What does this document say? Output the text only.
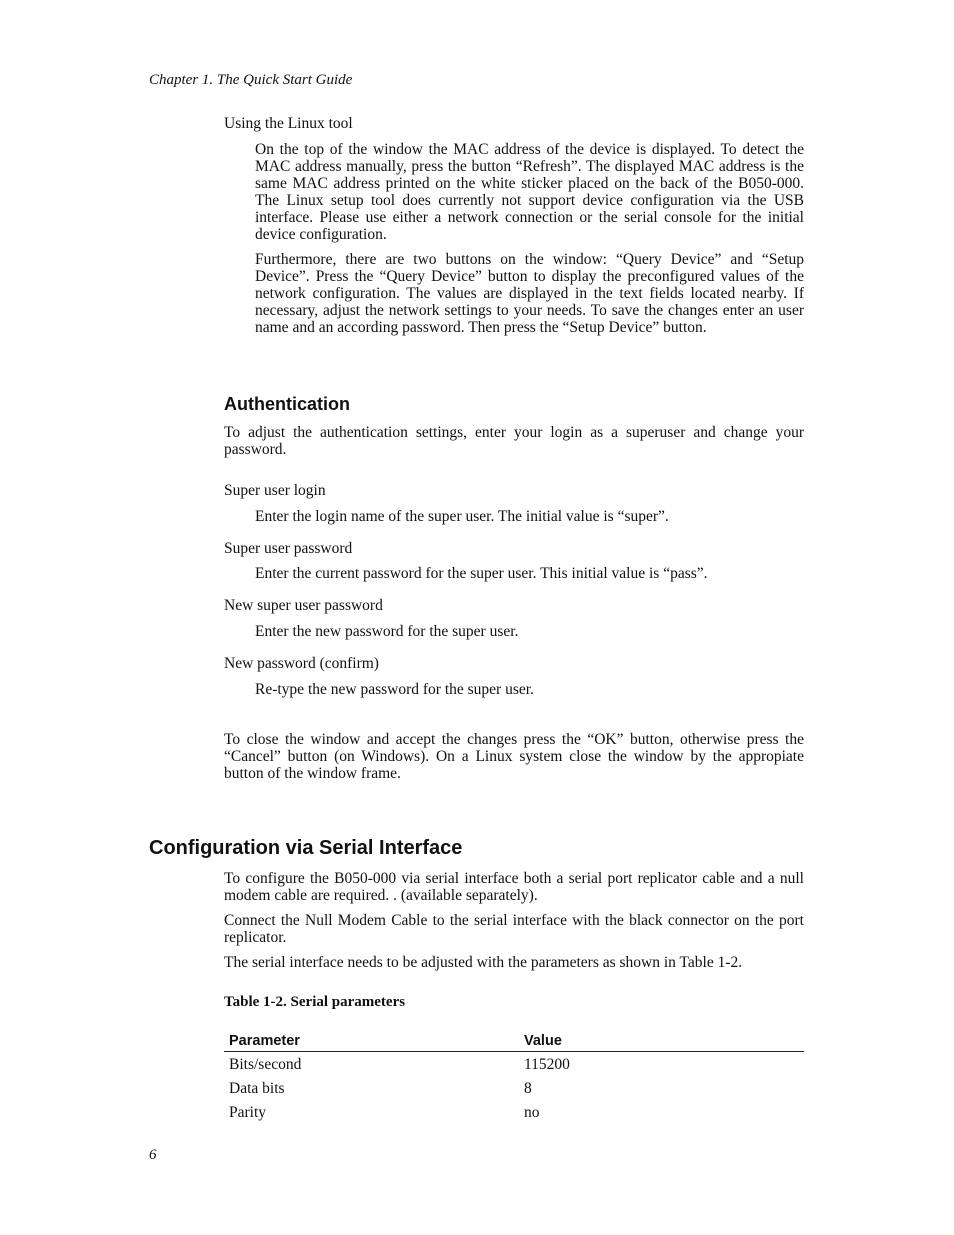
Chapter 1. The Quick Start Guide
Using the Linux tool
On the top of the window the MAC address of the device is displayed. To detect the MAC address manually, press the button “Refresh”. The displayed MAC address is the same MAC address printed on the white sticker placed on the back of the B050-000. The Linux setup tool does currently not support device configuration via the USB interface. Please use either a network connection or the serial console for the initial device configuration.
Furthermore, there are two buttons on the window: “Query Device” and “Setup Device”. Press the “Query Device” button to display the preconfigured values of the network configuration. The values are displayed in the text fields located nearby. If necessary, adjust the network settings to your needs. To save the changes enter an user name and an according password. Then press the “Setup Device” button.
Authentication
To adjust the authentication settings, enter your login as a superuser and change your password.
Super user login
Enter the login name of the super user. The initial value is “super”.
Super user password
Enter the current password for the super user. This initial value is “pass”.
New super user password
Enter the new password for the super user.
New password (confirm)
Re-type the new password for the super user.
To close the window and accept the changes press the “OK” button, otherwise press the “Cancel” button (on Windows). On a Linux system close the window by the appropiate button of the window frame.
Configuration via Serial Interface
To configure the B050-000 via serial interface both a serial port replicator cable and a null modem cable are required. . (available separately).
Connect the Null Modem Cable to the serial interface with the black connector on the port replicator.
The serial interface needs to be adjusted with the parameters as shown in Table 1-2.
Table 1-2. Serial parameters
Parameter	Value
Bits/second	115200
Data bits	8
Parity	no
6
